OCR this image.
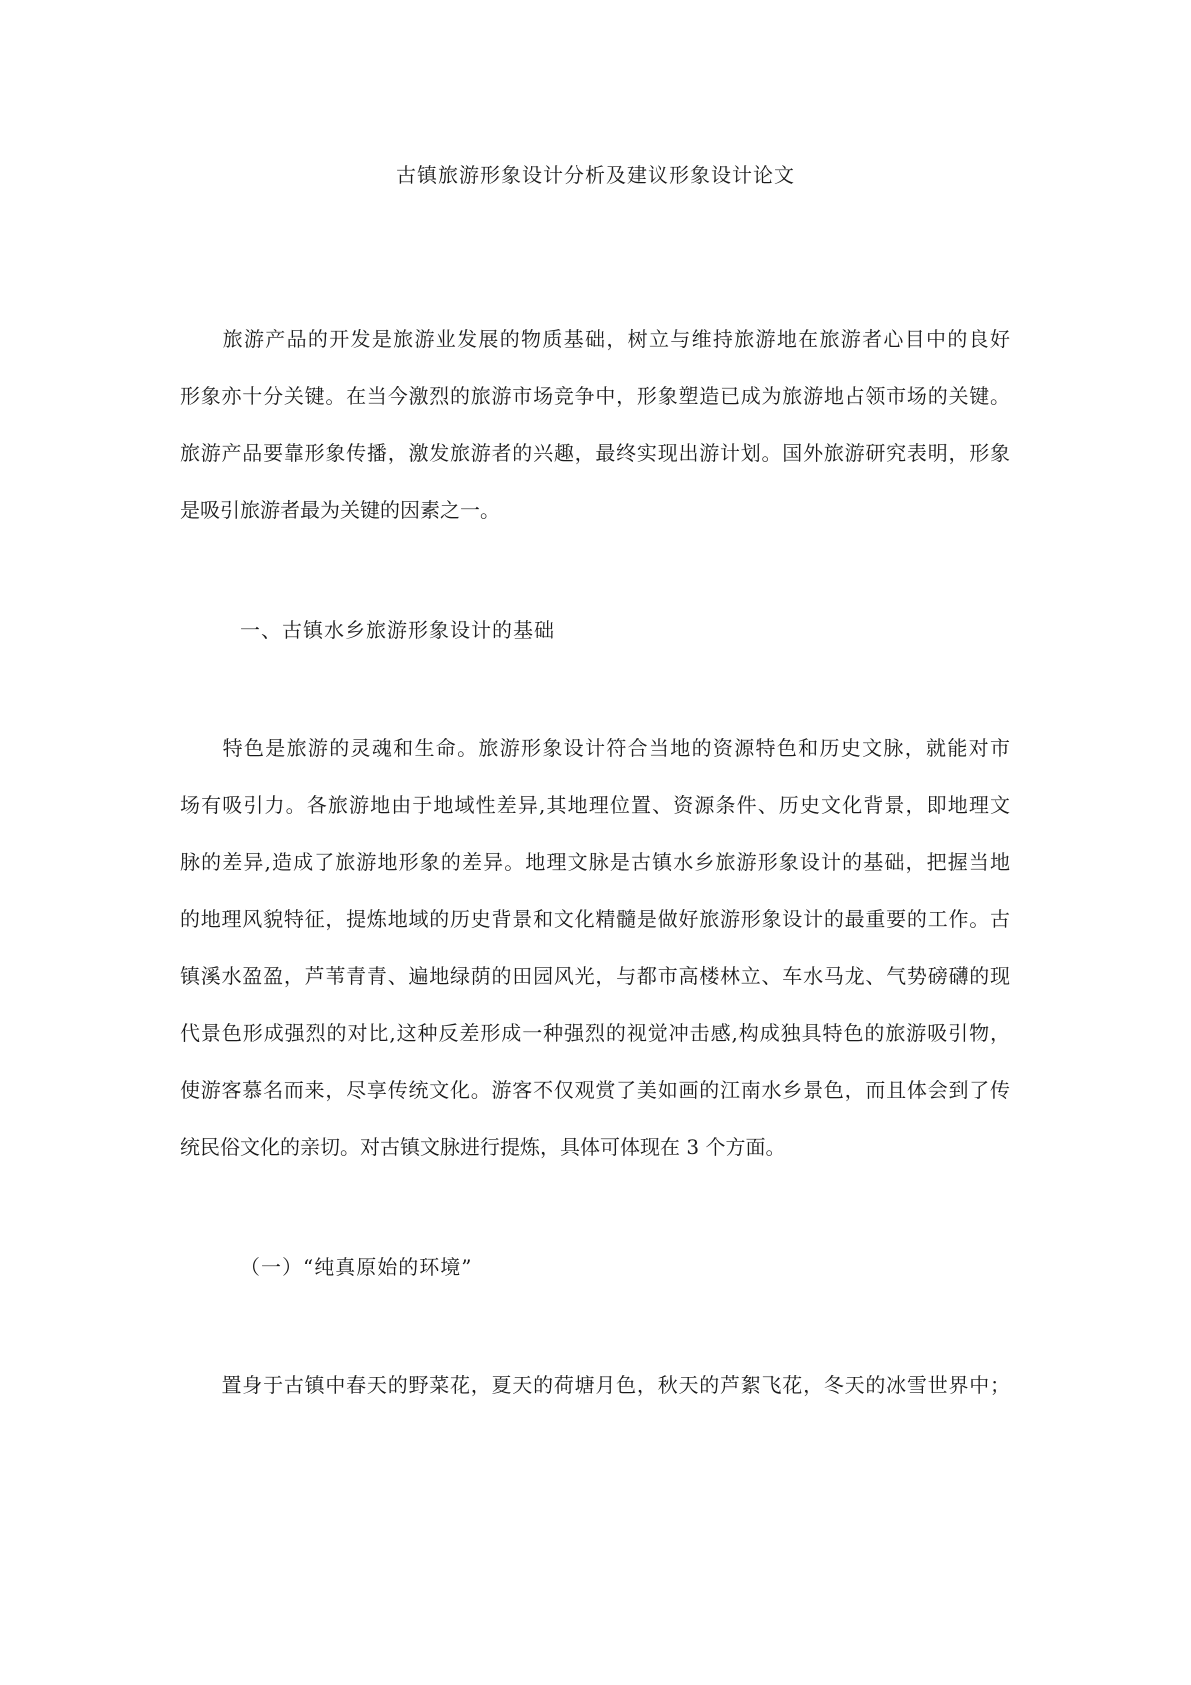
古镇旅游形象设计分析及建议形象设计论文
　　旅游产品的开发是旅游业发展的物质基础，树立与维持旅游地在旅游者心目中的良好
形象亦十分关键。在当今激烈的旅游市场竞争中，形象塑造已成为旅游地占领市场的关键。
旅游产品要靠形象传播，激发旅游者的兴趣，最终实现出游计划。国外旅游研究表明，形象
是吸引旅游者最为关键的因素之一。
一、古镇水乡旅游形象设计的基础
　　特色是旅游的灵魂和生命。旅游形象设计符合当地的资源特色和历史文脉，就能对市
场有吸引力。各旅游地由于地域性差异,其地理位置、资源条件、历史文化背景，即地理文
脉的差异,造成了旅游地形象的差异。地理文脉是古镇水乡旅游形象设计的基础，把握当地
的地理风貌特征，提炼地域的历史背景和文化精髓是做好旅游形象设计的最重要的工作。古
镇溪水盈盈，芦苇青青、遍地绿荫的田园风光，与都市高楼林立、车水马龙、气势磅礴的现
代景色形成强烈的对比,这种反差形成一种强烈的视觉冲击感,构成独具特色的旅游吸引物，
使游客慕名而来，尽享传统文化。游客不仅观赏了美如画的江南水乡景色，而且体会到了传
统民俗文化的亲切。对古镇文脉进行提炼，具体可体现在 3 个方面。
（一）“纯真原始的环境”
　　置身于古镇中春天的野菜花，夏天的荷塘月色，秋天的芦絮飞花，冬天的冰雪世界中；
